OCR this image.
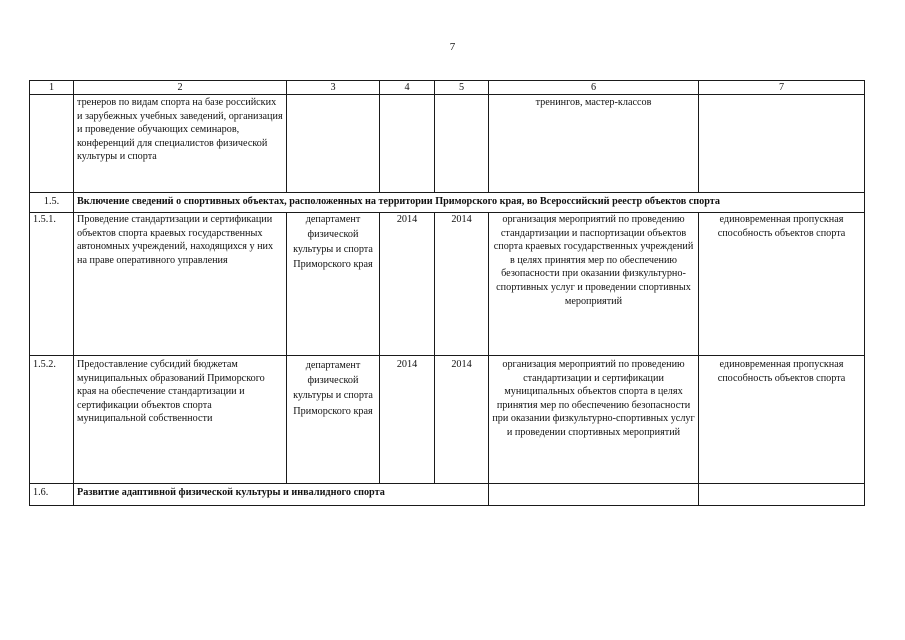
7
1	2	3	4	5	6	7
	тренеров по видам спорта на базе российских и зарубежных учебных заведений, организация и проведение обучающих семинаров, конференций для специалистов физической культуры и спорта				тренингов, мастер-классов	
1.5.	Включение сведений о спортивных объектах, расположенных на территории Приморского края, во Всероссийский реестр объектов спорта					
1.5.1.	Проведение стандартизации и сертификации объектов спорта краевых государственных автономных учреждений, находящихся у них на праве оперативного управления	департамент физической культуры и спорта Приморского края	2014	2014	организация мероприятий по проведению стандартизации и паспортизации объектов спорта краевых государственных учреждений в целях принятия мер по обеспечению безопасности при оказании физкультурно-спортивных услуг и проведении спортивных мероприятий	единовременная пропускная способность объектов спорта
1.5.2.	Предоставление субсидий бюджетам муниципальных образований Приморского края на обеспечение стандартизации и сертификации объектов спорта муниципальной собственности	департамент физической культуры и спорта Приморского края	2014	2014	организация мероприятий по проведению стандартизации и сертификации муниципальных объектов спорта в целях принятия мер по обеспечению безопасности при оказании физкультурно-спортивных услуг и проведении спортивных мероприятий	единовременная пропускная способность объектов спорта
1.6.	Развитие адаптивной физической культуры и инвалидного спорта					
